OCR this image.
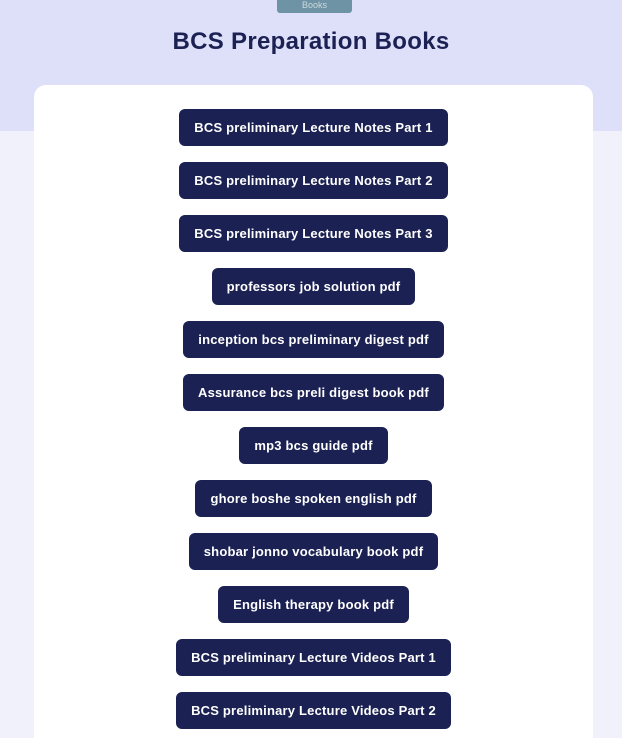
Books
BCS Preparation Books
BCS preliminary Lecture Notes Part 1
BCS preliminary Lecture Notes Part 2
BCS preliminary Lecture Notes Part 3
professors job solution pdf
inception bcs preliminary digest pdf
Assurance bcs preli digest book pdf
mp3 bcs guide pdf
ghore boshe spoken english pdf
shobar jonno vocabulary book pdf
English therapy book pdf
BCS preliminary Lecture Videos Part 1
BCS preliminary Lecture Videos Part 2
